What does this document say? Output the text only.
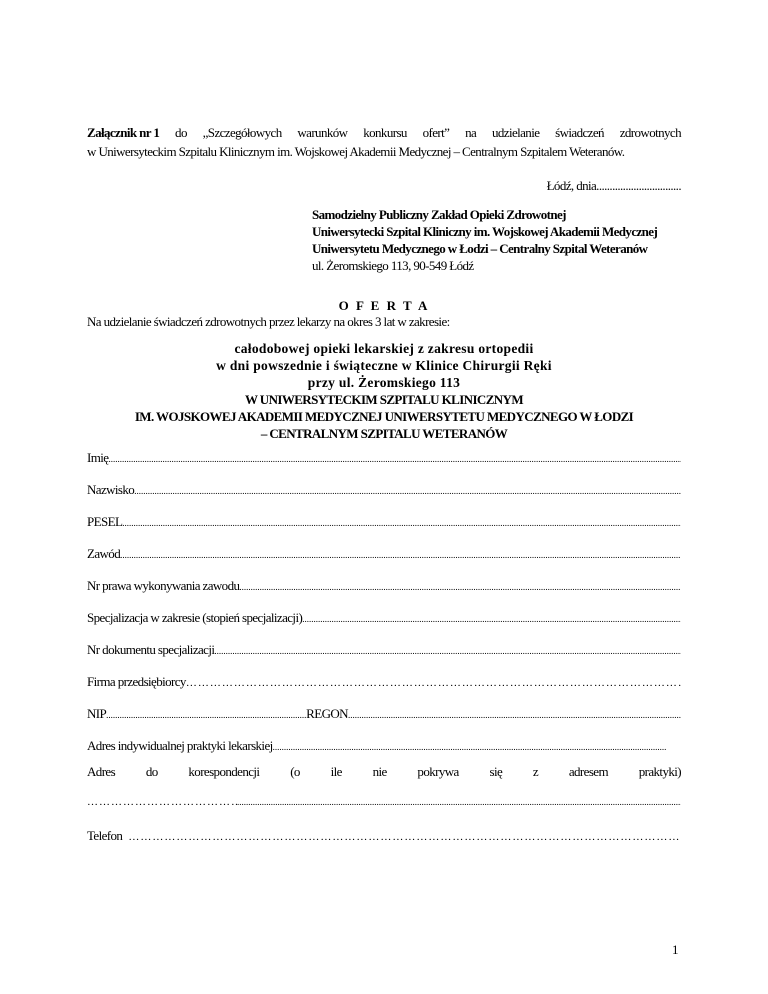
Załącznik nr 1 do „Szczegółowych warunków konkursu ofert” na udzielanie świadczeń zdrowotnych
w Uniwersyteckim Szpitalu Klinicznym im. Wojskowej Akademii Medycznej – Centralnym Szpitalem Weteranów.
Łódź, dnia................................
Samodzielny Publiczny Zakład Opieki Zdrowotnej
Uniwersytecki Szpital Kliniczny im. Wojskowej Akademii Medycznej
Uniwersytetu Medycznego w Łodzi – Centralny Szpital Weteranów
ul. Żeromskiego 113, 90-549 Łódź
O F E R T A
Na udzielanie świadczeń zdrowotnych przez lekarzy na okres 3 lat w zakresie:
całodobowej opieki lekarskiej z zakresu ortopedii
w dni powszednie i świąteczne w Klinice Chirurgii Ręki
przy ul. Żeromskiego 113
W UNIWERSYTECKIM SZPITALU KLINICZNYM
IM. WOJSKOWEJ AKADEMII MEDYCZNEJ UNIWERSYTETU MEDYCZNEGO W ŁODZI
– CENTRALNYM SZPITALU WETERANÓW
Imię
.....
Nazwisko
.....
PESEL
.....
Zawód
.....
Nr prawa wykonywania zawodu
.....
Specjalizacja w zakresie (stopień specjalizacji)
.....
Nr dokumentu specjalizacji
.....
Firma przedsiębiorcy
……………………………………………………………………………………………………………………………………………
NIP
.....	REGON
.....
Adres indywidualnej praktyki lekarskiej
.....
Adres do korespondencji (o ile nie pokrywa się z adresem praktyki)
……………………………………………………………………………………………………………………………………………
.....
Telefon
……………………………………………………………………………………………………………………………………………
1
